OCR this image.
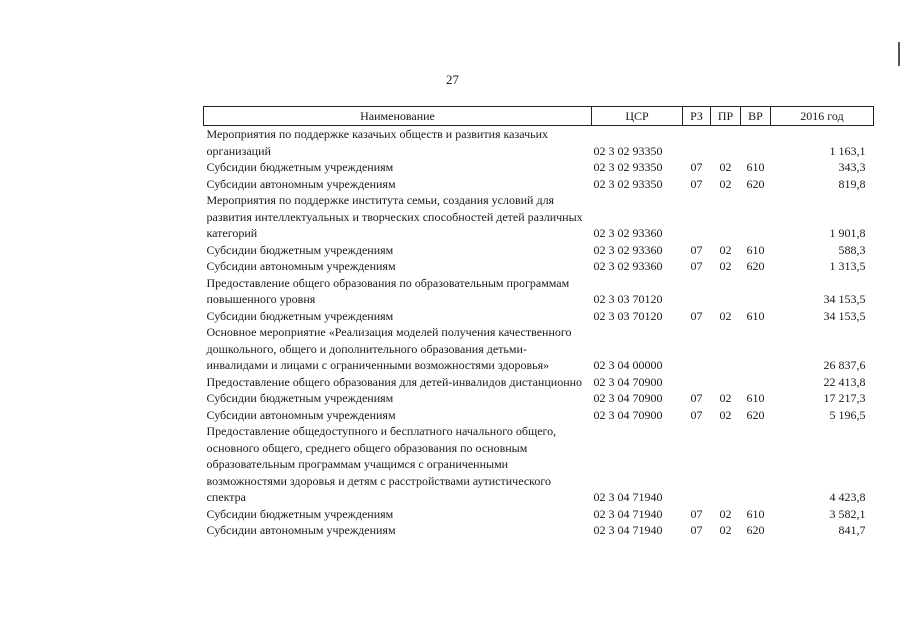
27
Наименование	ЦСР	РЗ	ПР	ВР	2016 год
Мероприятия по поддержке казачьих обществ и развития казачьих организаций	02 3 02 93350				1 163,1
Субсидии бюджетным учреждениям	02 3 02 93350	07	02	610	343,3
Субсидии автономным учреждениям	02 3 02 93350	07	02	620	819,8
Мероприятия по поддержке института семьи, создания условий для развития интеллектуальных и творческих способностей детей различных категорий	02 3 02 93360				1 901,8
Субсидии бюджетным учреждениям	02 3 02 93360	07	02	610	588,3
Субсидии автономным учреждениям	02 3 02 93360	07	02	620	1 313,5
Предоставление общего образования по образовательным программам повышенного уровня	02 3 03 70120				34 153,5
Субсидии бюджетным учреждениям	02 3 03 70120	07	02	610	34 153,5
Основное мероприятие «Реализация моделей получения качественного дошкольного, общего и дополнительного образования детьми-инвалидами и лицами с ограниченными возможностями здоровья»	02 3 04 00000				26 837,6
Предоставление общего образования для детей-инвалидов дистанционно	02 3 04 70900				22 413,8
Субсидии бюджетным учреждениям	02 3 04 70900	07	02	610	17 217,3
Субсидии автономным учреждениям	02 3 04 70900	07	02	620	5 196,5
Предоставление общедоступного и бесплатного начального общего, основного общего, среднего общего образования по основным образовательным программам учащимся с ограниченными возможностями здоровья и детям с расстройствами аутистического спектра	02 3 04 71940				4 423,8
Субсидии бюджетным учреждениям	02 3 04 71940	07	02	610	3 582,1
Субсидии автономным учреждениям	02 3 04 71940	07	02	620	841,7
